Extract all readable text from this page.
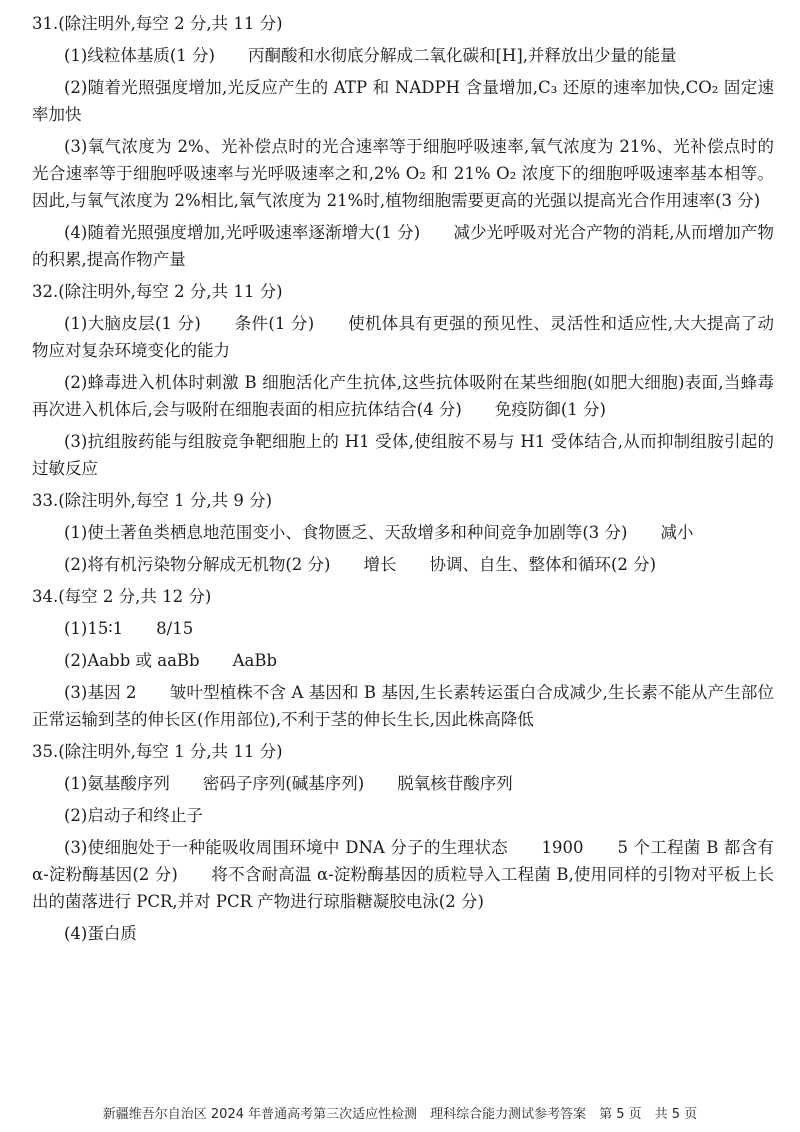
31.(除注明外,每空 2 分,共 11 分)

(1)线粒体基质(1 分)　　丙酮酸和水彻底分解成二氧化碳和[H],并释放出少量的能量

(2)随着光照强度增加,光反应产生的 ATP 和 NADPH 含量增加,C₃ 还原的速率加快,CO₂ 固定速率加快

(3)氧气浓度为 2%、光补偿点时的光合速率等于细胞呼吸速率,氧气浓度为 21%、光补偿点时的光合速率等于细胞呼吸速率与光呼吸速率之和,2% O₂ 和 21% O₂ 浓度下的细胞呼吸速率基本相等。因此,与氧气浓度为 2%相比,氧气浓度为 21%时,植物细胞需要更高的光强以提高光合作用速率(3 分)

(4)随着光照强度增加,光呼吸速率逐渐增大(1 分)　　减少光呼吸对光合产物的消耗,从而增加产物的积累,提高作物产量

32.(除注明外,每空 2 分,共 11 分)

(1)大脑皮层(1 分)　　条件(1 分)　　使机体具有更强的预见性、灵活性和适应性,大大提高了动物应对复杂环境变化的能力

(2)蜂毒进入机体时刺激 B 细胞活化产生抗体,这些抗体吸附在某些细胞(如肥大细胞)表面,当蜂毒再次进入机体后,会与吸附在细胞表面的相应抗体结合(4 分)　　免疫防御(1 分)

(3)抗组胺药能与组胺竞争靶细胞上的 H1 受体,使组胺不易与 H1 受体结合,从而抑制组胺引起的过敏反应

33.(除注明外,每空 1 分,共 9 分)

(1)使土著鱼类栖息地范围变小、食物匮乏、天敌增多和种间竞争加剧等(3 分)　　减小

(2)将有机污染物分解成无机物(2 分)　　增长　　协调、自生、整体和循环(2 分)

34.(每空 2 分,共 12 分)

(1)15∶1　　8/15

(2)Aabb 或 aaBb　　AaBb

(3)基因 2　　皱叶型植株不含 A 基因和 B 基因,生长素转运蛋白合成减少,生长素不能从产生部位正常运输到茎的伸长区(作用部位),不利于茎的伸长生长,因此株高降低

35.(除注明外,每空 1 分,共 11 分)

(1)氨基酸序列　　密码子序列(碱基序列)　　脱氧核苷酸序列

(2)启动子和终止子

(3)使细胞处于一种能吸收周围环境中 DNA 分子的生理状态　　1900　　5 个工程菌 B 都含有 α-淀粉酶基因(2 分)　　将不含耐高温 α-淀粉酶基因的质粒导入工程菌 B,使用同样的引物对平板上长出的菌落进行 PCR,并对 PCR 产物进行琼脂糖凝胶电泳(2 分)

(4)蛋白质

新疆维吾尔自治区 2024 年普通高考第三次适应性检测　理科综合能力测试参考答案　第 5 页　共 5 页
